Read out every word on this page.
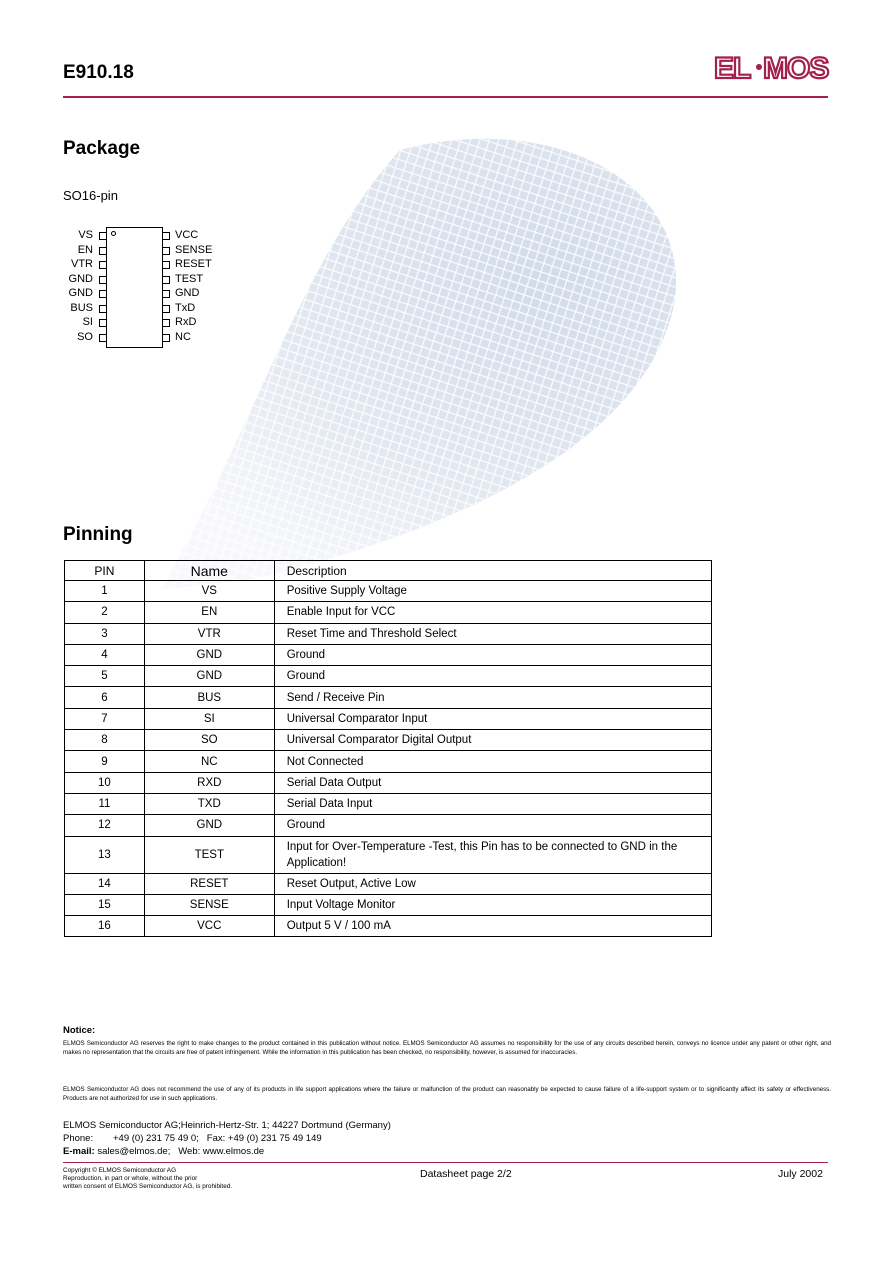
E910.18	EL MOS
Package
SO16-pin
VS
EN
VTR
GND
GND
BUS
SI
SO
VCC
SENSE
RESET
TEST
GND
TxD
RxD
NC
Pinning
PIN	Name	Description
1	VS	Positive Supply Voltage
2	EN	Enable Input for VCC
3	VTR	Reset Time and Threshold Select
4	GND	Ground
5	GND	Ground
6	BUS	Send / Receive Pin
7	SI	Universal Comparator Input
8	SO	Universal Comparator Digital Output
9	NC	Not Connected
10	RXD	Serial Data Output
11	TXD	Serial Data Input
12	GND	Ground
13	TEST	Input for Over-Temperature -Test, this Pin has to be connected to GND in the Application!
14	RESET	Reset Output, Active Low
15	SENSE	Input Voltage Monitor
16	VCC	Output 5 V / 100 mA
Notice:
ELMOS Semiconductor AG reserves the right to make changes to the product contained in this publication without notice. ELMOS Semiconductor AG assumes no responsibility for the use of any circuits described herein, conveys no licence under any patent or other right, and makes no representation that the circuits are free of patent infringement. While the information in this publication has been checked, no responsibility, however, is assumed for inaccuracies.
ELMOS Semiconductor AG does not recommend the use of any of its products in life support applications where the failure or malfunction of the product can reasonably be expected to cause failure of a life-support system or to significantly affect its safety or effectiveness. Products are not authorized for use in such applications.
ELMOS Semiconductor AG;Heinrich-Hertz-Str. 1; 44227 Dortmund (Germany)
Phone: +49 (0) 231 75 49 0; Fax: +49 (0) 231 75 49 149
E-mail: sales@elmos.de; Web: www.elmos.de
Copyright © ELMOS Semiconductor AG
Reproduction, in part or whole, without the prior
written consent of ELMOS Semiconductor AG, is prohibited.
Datasheet page 2/2	July 2002
